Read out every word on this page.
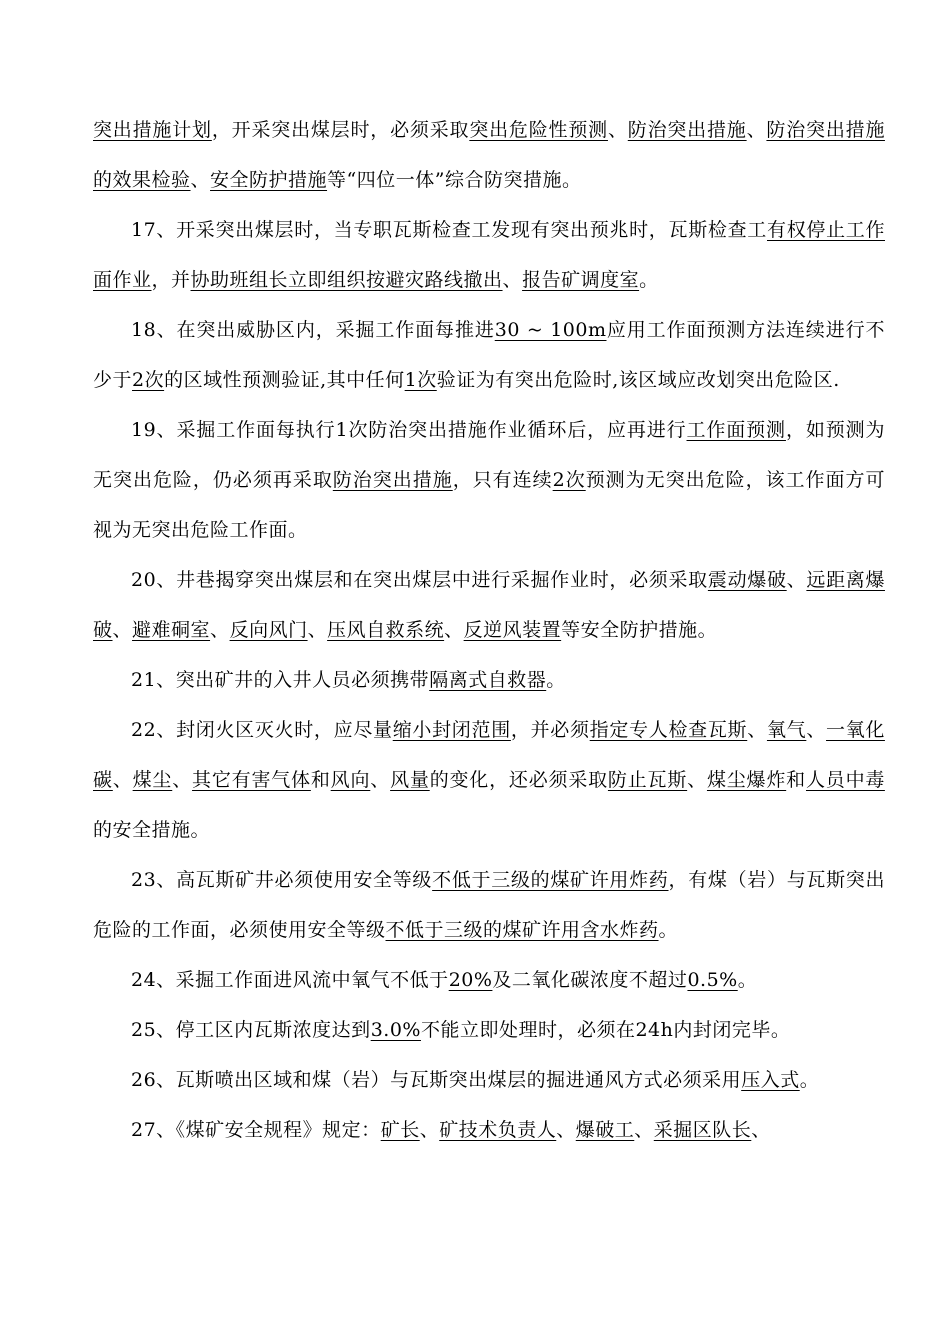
突出措施计划，开采突出煤层时，必须采取突出危险性预测、防治突出措施、防治突出措施的效果检验、安全防护措施等“四位一体”综合防突措施。

17、开采突出煤层时，当专职瓦斯检查工发现有突出预兆时，瓦斯检查工有权停止工作面作业，并协助班组长立即组织按避灾路线撤出、报告矿调度室。

18、在突出威胁区内，采掘工作面每推进30 ~ 100m应用工作面预测方法连续进行不少于2次的区域性预测验证,其中任何1次验证为有突出危险时,该区域应改划突出危险区.

19、采掘工作面每执行1次防治突出措施作业循环后，应再进行工作面预测，如预测为无突出危险，仍必须再采取防治突出措施，只有连续2次预测为无突出危险，该工作面方可视为无突出危险工作面。

20、井巷揭穿突出煤层和在突出煤层中进行采掘作业时，必须采取震动爆破、远距离爆破、避难硐室、反向风门、压风自救系统、反逆风装置等安全防护措施。

21、突出矿井的入井人员必须携带隔离式自救器。

22、封闭火区灭火时，应尽量缩小封闭范围，并必须指定专人检查瓦斯、氧气、一氧化碳、煤尘、其它有害气体和风向、风量的变化，还必须采取防止瓦斯、煤尘爆炸和人员中毒的安全措施。

23、高瓦斯矿井必须使用安全等级不低于三级的煤矿许用炸药，有煤（岩）与瓦斯突出危险的工作面，必须使用安全等级不低于三级的煤矿许用含水炸药。

24、采掘工作面进风流中氧气不低于20%及二氧化碳浓度不超过0.5%。

25、停工区内瓦斯浓度达到3.0%不能立即处理时，必须在24h内封闭完毕。

26、瓦斯喷出区域和煤（岩）与瓦斯突出煤层的掘进通风方式必须采用压入式。

27、《煤矿安全规程》规定：矿长、矿技术负责人、爆破工、采掘区队长、
